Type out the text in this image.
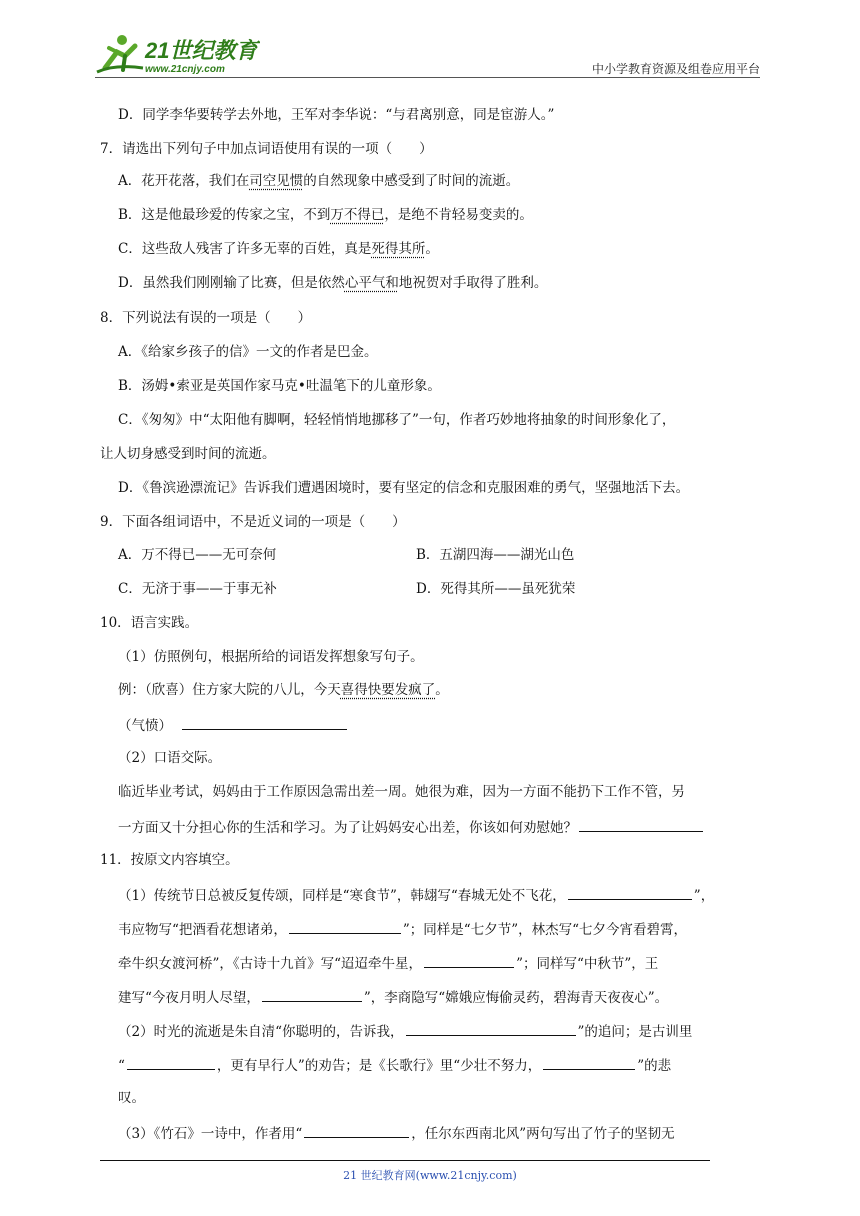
21世纪教育
www.21cnjy.com	中小学教育资源及组卷应用平台
D．同学李华要转学去外地，王军对李华说：“与君离别意，同是宦游人。”
7．请选出下列句子中加点词语使用有误的一项（　　）
A．花开花落，我们在司空见惯的自然现象中感受到了时间的流逝。
B．这是他最珍爱的传家之宝，不到万不得已，是绝不肯轻易变卖的。
C．这些敌人残害了许多无辜的百姓，真是死得其所。
D．虽然我们刚刚输了比赛，但是依然心平气和地祝贺对手取得了胜利。
8．下列说法有误的一项是（　　）
A．《给家乡孩子的信》一文的作者是巴金。
B．汤姆•索亚是英国作家马克•吐温笔下的儿童形象。
C．《匆匆》中“太阳他有脚啊，轻轻悄悄地挪移了”一句，作者巧妙地将抽象的时间形象化了，
让人切身感受到时间的流逝。
D．《鲁滨逊漂流记》告诉我们遭遇困境时，要有坚定的信念和克服困难的勇气，坚强地活下去。
9．下面各组词语中，不是近义词的一项是（　　）
A．万不得已——无可奈何	B．五湖四海——湖光山色
C．无济于事——于事无补	D．死得其所——虽死犹荣
10．语言实践。
（1）仿照例句，根据所给的词语发挥想象写句子。
例：（欣喜）住方家大院的八儿，今天喜得快要发疯了。
（气愤）
（2）口语交际。
临近毕业考试，妈妈由于工作原因急需出差一周。她很为难，因为一方面不能扔下工作不管，另
一方面又十分担心你的生活和学习。为了让妈妈安心出差，你该如何劝慰她？
11．按原文内容填空。
（1）传统节日总被反复传颂，同样是“寒食节”，韩翃写“春城无处不飞花，	”，
韦应物写“把酒看花想诸弟，	”；同样是“七夕节”，林杰写“七夕今宵看碧霄，
牵牛织女渡河桥”，《古诗十九首》写“迢迢牵牛星，	”；同样写“中秋节”，王
建写“今夜月明人尽望，	”，李商隐写“嫦娥应悔偷灵药，碧海青天夜夜心”。
（2）时光的流逝是朱自清“你聪明的，告诉我，	”的追问；是古训里
“	，更有早行人”的劝告；是《长歌行》里“少壮不努力，	”的悲
叹。
（3）《竹石》一诗中，作者用“	，任尔东西南北风”两句写出了竹子的坚韧无
21 世纪教育网(www.21cnjy.com)
